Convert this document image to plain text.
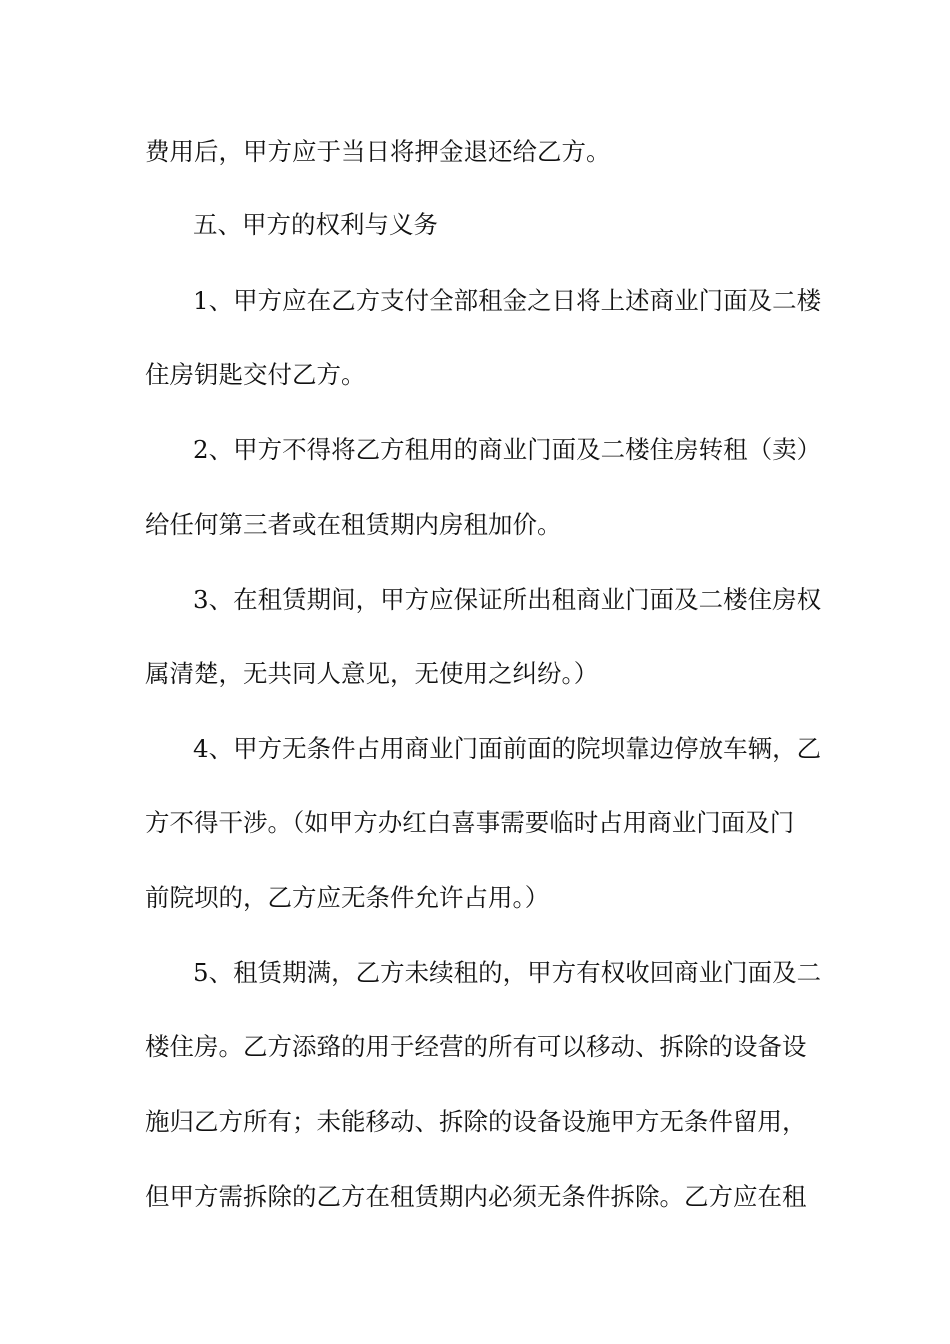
费用后，甲方应于当日将押金退还给乙方。
五、甲方的权利与义务
1、甲方应在乙方支付全部租金之日将上述商业门面及二楼
住房钥匙交付乙方。
2、甲方不得将乙方租用的商业门面及二楼住房转租（卖）
给任何第三者或在租赁期内房租加价。
3、在租赁期间，甲方应保证所出租商业门面及二楼住房权
属清楚，无共同人意见，无使用之纠纷。）
4、甲方无条件占用商业门面前面的院坝靠边停放车辆，乙
方不得干涉。（如甲方办红白喜事需要临时占用商业门面及门
前院坝的，乙方应无条件允许占用。）
5、租赁期满，乙方未续租的，甲方有权收回商业门面及二
楼住房。乙方添臵的用于经营的所有可以移动、拆除的设备设
施归乙方所有；未能移动、拆除的设备设施甲方无条件留用，
但甲方需拆除的乙方在租赁期内必须无条件拆除。乙方应在租
